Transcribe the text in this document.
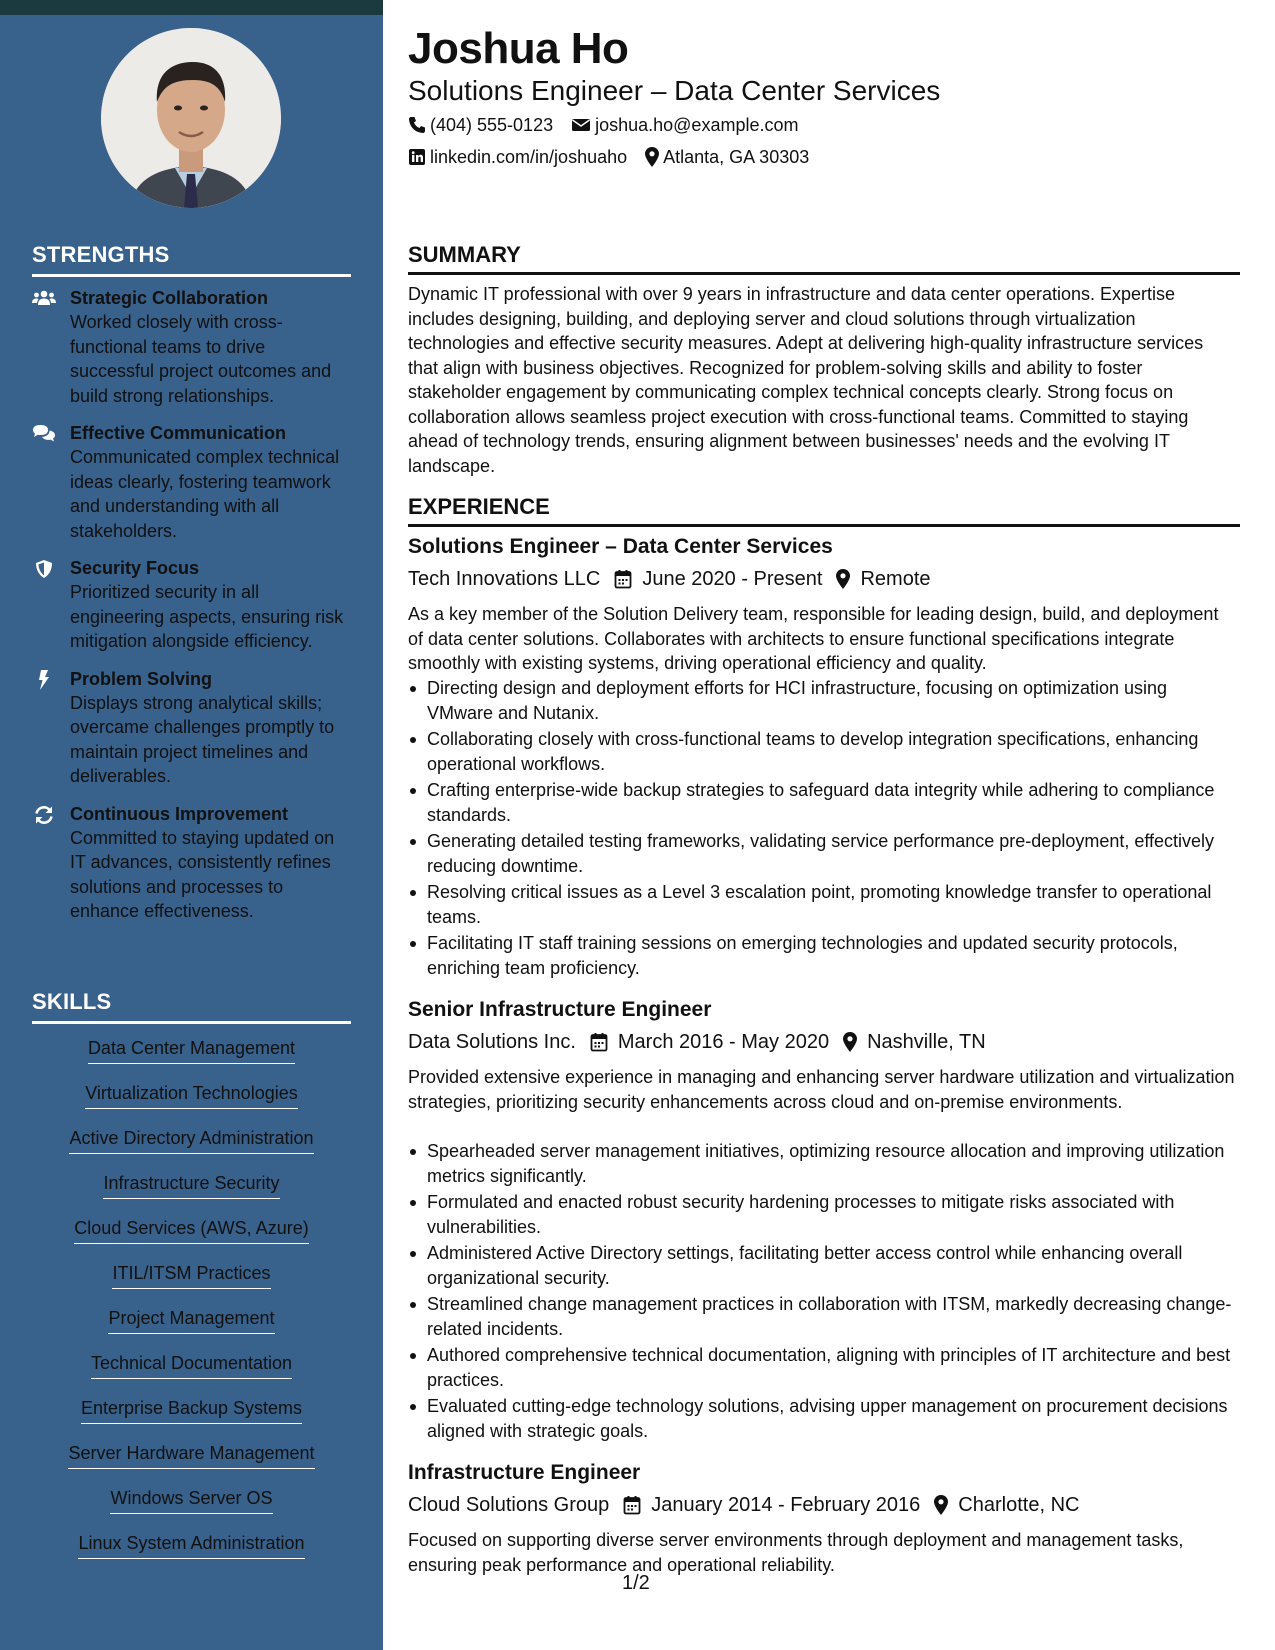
STRENGTHS
Strategic Collaboration
Worked closely with cross-functional teams to drive successful project outcomes and build strong relationships.
Effective Communication
Communicated complex technical ideas clearly, fostering teamwork and understanding with all stakeholders.
Security Focus
Prioritized security in all engineering aspects, ensuring risk mitigation alongside efficiency.
Problem Solving
Displays strong analytical skills; overcame challenges promptly to maintain project timelines and deliverables.
Continuous Improvement
Committed to staying updated on IT advances, consistently refines solutions and processes to enhance effectiveness.
SKILLS
Data Center Management
Virtualization Technologies
Active Directory Administration
Infrastructure Security
Cloud Services (AWS, Azure)
ITIL/ITSM Practices
Project Management
Technical Documentation
Enterprise Backup Systems
Server Hardware Management
Windows Server OS
Linux System Administration
Joshua Ho
Solutions Engineer – Data Center Services
(404) 555-0123 joshua.ho@example.com
linkedin.com/in/joshuaho Atlanta, GA 30303
SUMMARY
Dynamic IT professional with over 9 years in infrastructure and data center operations. Expertise includes designing, building, and deploying server and cloud solutions through virtualization technologies and effective security measures. Adept at delivering high-quality infrastructure services that align with business objectives. Recognized for problem-solving skills and ability to foster stakeholder engagement by communicating complex technical concepts clearly. Strong focus on collaboration allows seamless project execution with cross-functional teams. Committed to staying ahead of technology trends, ensuring alignment between businesses' needs and the evolving IT landscape.
EXPERIENCE
Solutions Engineer – Data Center Services
Tech Innovations LLC June 2020 - Present Remote
As a key member of the Solution Delivery team, responsible for leading design, build, and deployment of data center solutions. Collaborates with architects to ensure functional specifications integrate smoothly with existing systems, driving operational efficiency and quality.
Directing design and deployment efforts for HCI infrastructure, focusing on optimization using VMware and Nutanix.
Collaborating closely with cross-functional teams to develop integration specifications, enhancing operational workflows.
Crafting enterprise-wide backup strategies to safeguard data integrity while adhering to compliance standards.
Generating detailed testing frameworks, validating service performance pre-deployment, effectively reducing downtime.
Resolving critical issues as a Level 3 escalation point, promoting knowledge transfer to operational teams.
Facilitating IT staff training sessions on emerging technologies and updated security protocols, enriching team proficiency.
Senior Infrastructure Engineer
Data Solutions Inc. March 2016 - May 2020 Nashville, TN
Provided extensive experience in managing and enhancing server hardware utilization and virtualization strategies, prioritizing security enhancements across cloud and on-premise environments.
Spearheaded server management initiatives, optimizing resource allocation and improving utilization metrics significantly.
Formulated and enacted robust security hardening processes to mitigate risks associated with vulnerabilities.
Administered Active Directory settings, facilitating better access control while enhancing overall organizational security.
Streamlined change management practices in collaboration with ITSM, markedly decreasing change-related incidents.
Authored comprehensive technical documentation, aligning with principles of IT architecture and best practices.
Evaluated cutting-edge technology solutions, advising upper management on procurement decisions aligned with strategic goals.
Infrastructure Engineer
Cloud Solutions Group January 2014 - February 2016 Charlotte, NC
Focused on supporting diverse server environments through deployment and management tasks, ensuring peak performance and operational reliability.
1/2
